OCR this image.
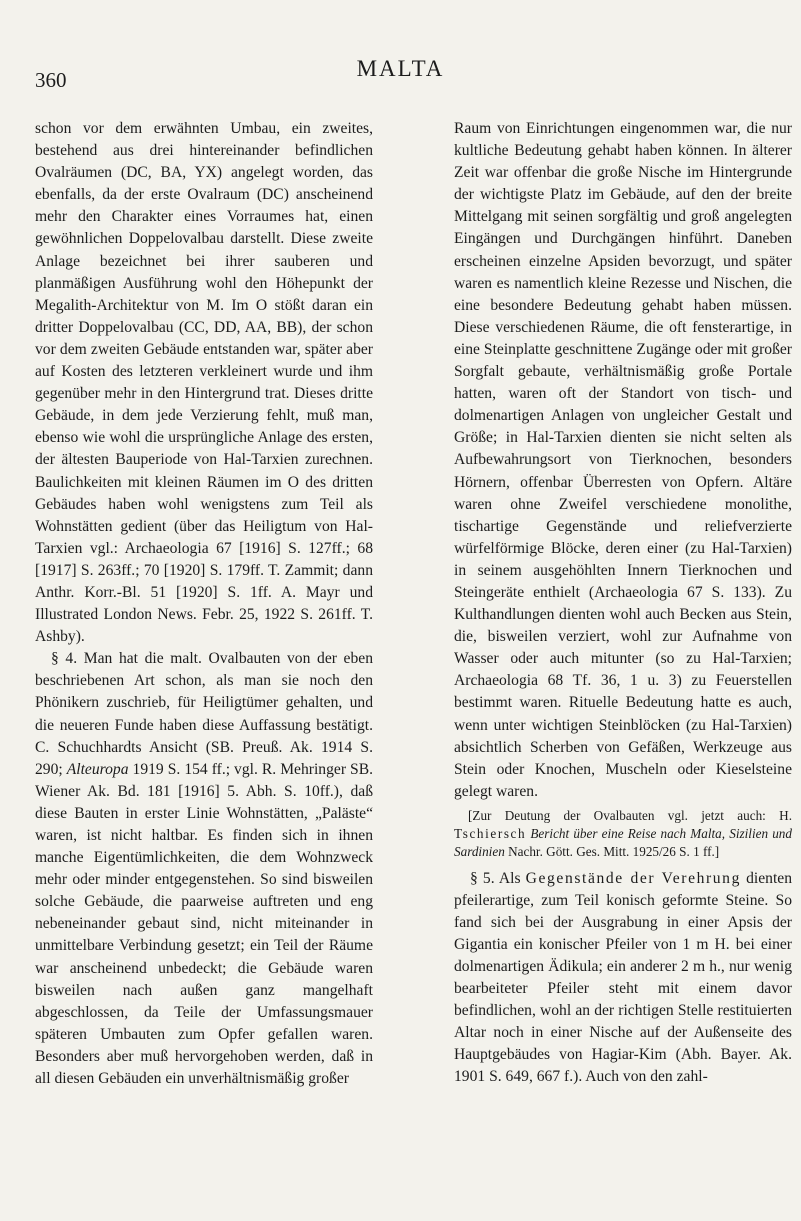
360	MALTA

schon vor dem erwähnten Umbau, ein zweites, bestehend aus drei hintereinander befindlichen Ovalräumen (DC, BA, YX) angelegt worden, das ebenfalls, da der erste Ovalraum (DC) anscheinend mehr den Charakter eines Vorraumes hat, einen gewöhnlichen Doppelovalbau darstellt. Diese zweite Anlage bezeichnet bei ihrer sauberen und planmäßigen Ausführung wohl den Höhepunkt der Megalith-Architektur von M. Im O stößt daran ein dritter Doppelovalbau (CC, DD, AA, BB), der schon vor dem zweiten Gebäude entstanden war, später aber auf Kosten des letzteren verkleinert wurde und ihm gegenüber mehr in den Hintergrund trat. Dieses dritte Gebäude, in dem jede Verzierung fehlt, muß man, ebenso wie wohl die ursprüngliche Anlage des ersten, der ältesten Bauperiode von Hal-Tarxien zurechnen. Baulichkeiten mit kleinen Räumen im O des dritten Gebäudes haben wohl wenigstens zum Teil als Wohnstätten gedient (über das Heiligtum von Hal-Tarxien vgl.: Archaeologia 67 [1916] S. 127ff.; 68 [1917] S. 263ff.; 70 [1920] S. 179ff. T. Zammit; dann Anthr. Korr.-Bl. 51 [1920] S. 1ff. A. Mayr und Illustrated London News. Febr. 25, 1922 S. 261ff. T. Ashby).

§ 4. Man hat die malt. Ovalbauten von der eben beschriebenen Art schon, als man sie noch den Phönikern zuschrieb, für Heiligtümer gehalten, und die neueren Funde haben diese Auffassung bestätigt. C. Schuchhardts Ansicht (SB. Preuß. Ak. 1914 S. 290; Alteuropa 1919 S. 154 ff.; vgl. R. Mehringer SB. Wiener Ak. Bd. 181 [1916] 5. Abh. S. 10ff.), daß diese Bauten in erster Linie Wohnstätten, „Paläste“ waren, ist nicht haltbar. Es finden sich in ihnen manche Eigentümlichkeiten, die dem Wohnzweck mehr oder minder entgegenstehen. So sind bisweilen solche Gebäude, die paarweise auftreten und eng nebeneinander gebaut sind, nicht miteinander in unmittelbare Verbindung gesetzt; ein Teil der Räume war anscheinend unbedeckt; die Gebäude waren bisweilen nach außen ganz mangelhaft abgeschlossen, da Teile der Umfassungsmauer späteren Umbauten zum Opfer gefallen waren. Besonders aber muß hervorgehoben werden, daß in all diesen Gebäuden ein unverhältnismäßig großer

Raum von Einrichtungen eingenommen war, die nur kultliche Bedeutung gehabt haben können. In älterer Zeit war offenbar die große Nische im Hintergrunde der wichtigste Platz im Gebäude, auf den der breite Mittelgang mit seinen sorgfältig und groß angelegten Eingängen und Durchgängen hinführt. Daneben erscheinen einzelne Apsiden bevorzugt, und später waren es namentlich kleine Rezesse und Nischen, die eine besondere Bedeutung gehabt haben müssen. Diese verschiedenen Räume, die oft fensterartige, in eine Steinplatte geschnittene Zugänge oder mit großer Sorgfalt gebaute, verhältnismäßig große Portale hatten, waren oft der Standort von tisch- und dolmenartigen Anlagen von ungleicher Gestalt und Größe; in Hal-Tarxien dienten sie nicht selten als Aufbewahrungsort von Tierknochen, besonders Hörnern, offenbar Überresten von Opfern. Altäre waren ohne Zweifel verschiedene monolithe, tischartige Gegenstände und reliefverzierte würfelförmige Blöcke, deren einer (zu Hal-Tarxien) in seinem ausgehöhlten Innern Tierknochen und Steingeräte enthielt (Archaeologia 67 S. 133). Zu Kulthandlungen dienten wohl auch Becken aus Stein, die, bisweilen verziert, wohl zur Aufnahme von Wasser oder auch mitunter (so zu Hal-Tarxien; Archaeologia 68 Tf. 36, 1 u. 3) zu Feuerstellen bestimmt waren. Rituelle Bedeutung hatte es auch, wenn unter wichtigen Steinblöcken (zu Hal-Tarxien) absichtlich Scherben von Gefäßen, Werkzeuge aus Stein oder Knochen, Muscheln oder Kieselsteine gelegt waren.

[Zur Deutung der Ovalbauten vgl. jetzt auch: H. Tschiersch Bericht über eine Reise nach Malta, Sizilien und Sardinien Nachr. Gött. Ges. Mitt. 1925/26 S. 1 ff.]

§ 5. Als Gegenstände der Verehrung dienten pfeilerartige, zum Teil konisch geformte Steine. So fand sich bei der Ausgrabung in einer Apsis der Gigantia ein konischer Pfeiler von 1 m H. bei einer dolmenartigen Ädikula; ein anderer 2 m h., nur wenig bearbeiteter Pfeiler steht mit einem davor befindlichen, wohl an der richtigen Stelle restituierten Altar noch in einer Nische auf der Außenseite des Hauptgebäudes von Hagiar-Kim (Abh. Bayer. Ak. 1901 S. 649, 667 f.). Auch von den zahl-
